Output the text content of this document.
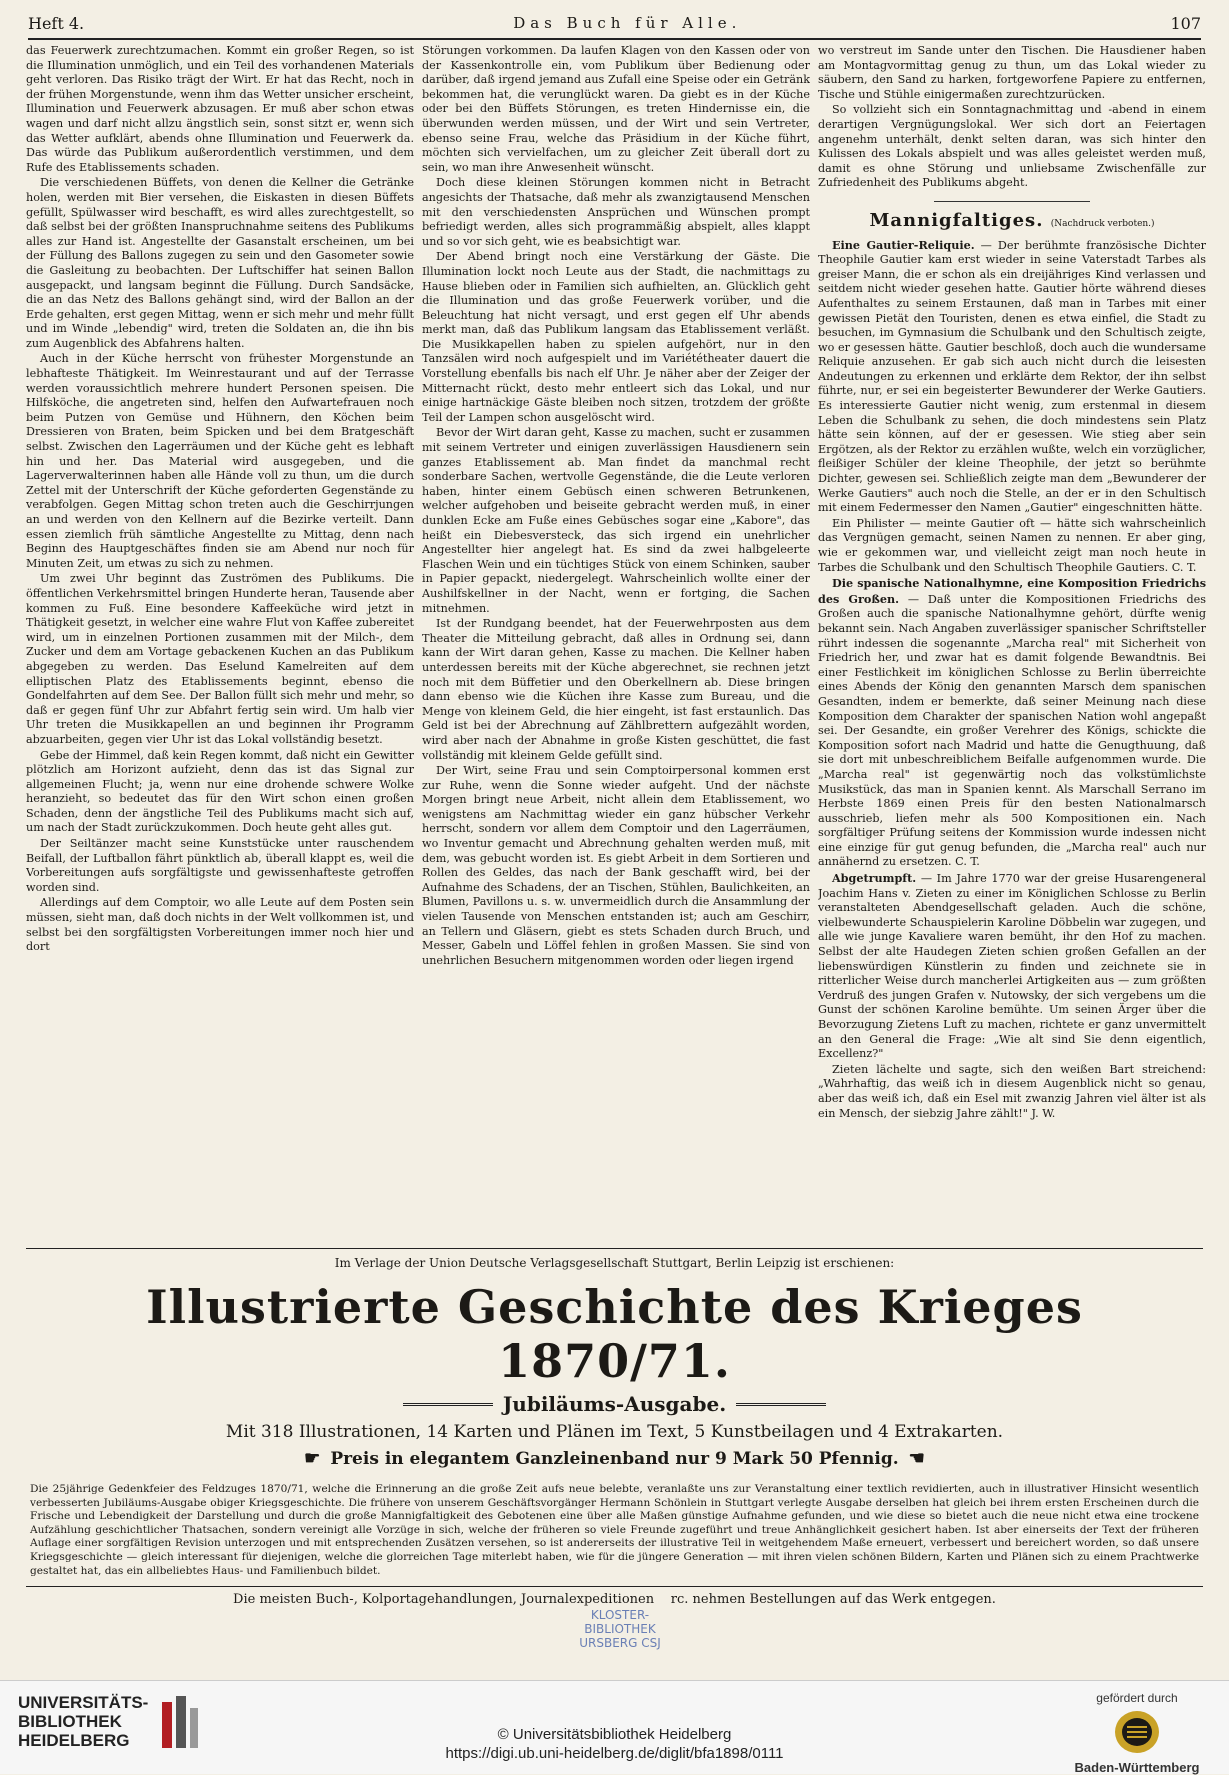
Heft 4.	Das Buch für Alle.	107

das Feuerwerk zurechtzumachen. Kommt ein großer Regen, so ist die Illumination unmöglich, und ein Teil des vorhandenen Materials geht verloren. Das Risiko trägt der Wirt. Er hat das Recht, noch in der frühen Morgenstunde, wenn ihm das Wetter unsicher erscheint, Illumination und Feuerwerk abzusagen. Er muß aber schon etwas wagen und darf nicht allzu ängstlich sein, sonst sitzt er, wenn sich das Wetter aufklärt, abends ohne Illumination und Feuerwerk da. Das würde das Publikum außerordentlich verstimmen, und dem Rufe des Etablissements schaden.

Die verschiedenen Büffets, von denen die Kellner die Getränke holen, werden mit Bier versehen, die Eiskasten in diesen Büffets gefüllt, Spülwasser wird beschafft, es wird alles zurechtgestellt, so daß selbst bei der größten Inanspruchnahme seitens des Publikums alles zur Hand ist. Angestellte der Gasanstalt erscheinen, um bei der Füllung des Ballons zugegen zu sein und den Gasometer sowie die Gasleitung zu beobachten. Der Luftschiffer hat seinen Ballon ausgepackt, und langsam beginnt die Füllung. Durch Sandsäcke, die an das Netz des Ballons gehängt sind, wird der Ballon an der Erde gehalten, erst gegen Mittag, wenn er sich mehr und mehr füllt und im Winde „lebendig" wird, treten die Soldaten an, die ihn bis zum Augenblick des Abfahrens halten.

Auch in der Küche herrscht von frühester Morgenstunde an lebhafteste Thätigkeit. Im Weinrestaurant und auf der Terrasse werden voraussichtlich mehrere hundert Personen speisen. Die Hilfsköche, die angetreten sind, helfen den Aufwartefrauen noch beim Putzen von Gemüse und Hühnern, den Köchen beim Dressieren von Braten, beim Spicken und bei dem Bratgeschäft selbst. Zwischen den Lagerräumen und der Küche geht es lebhaft hin und her. Das Material wird ausgegeben, und die Lagerverwalterinnen haben alle Hände voll zu thun, um die durch Zettel mit der Unterschrift der Küche geforderten Gegenstände zu verabfolgen. Gegen Mittag schon treten auch die Geschirrjungen an und werden von den Kellnern auf die Bezirke verteilt. Dann essen ziemlich früh sämtliche Angestellte zu Mittag, denn nach Beginn des Hauptgeschäftes finden sie am Abend nur noch für Minuten Zeit, um etwas zu sich zu nehmen.

Um zwei Uhr beginnt das Zuströmen des Publikums. Die öffentlichen Verkehrsmittel bringen Hunderte heran, Tausende aber kommen zu Fuß. Eine besondere Kaffeeküche wird jetzt in Thätigkeit gesetzt, in welcher eine wahre Flut von Kaffee zubereitet wird, um in einzelnen Portionen zusammen mit der Milch-, dem Zucker und dem am Vortage gebackenen Kuchen an das Publikum abgegeben zu werden. Das Eselund Kamelreiten auf dem elliptischen Platz des Etablissements beginnt, ebenso die Gondelfahrten auf dem See. Der Ballon füllt sich mehr und mehr, so daß er gegen fünf Uhr zur Abfahrt fertig sein wird. Um halb vier Uhr treten die Musikkapellen an und beginnen ihr Programm abzuarbeiten, gegen vier Uhr ist das Lokal vollständig besetzt.

Gebe der Himmel, daß kein Regen kommt, daß nicht ein Gewitter plötzlich am Horizont aufzieht, denn das ist das Signal zur allgemeinen Flucht; ja, wenn nur eine drohende schwere Wolke heranzieht, so bedeutet das für den Wirt schon einen großen Schaden, denn der ängstliche Teil des Publikums macht sich auf, um nach der Stadt zurückzukommen. Doch heute geht alles gut.

Der Seiltänzer macht seine Kunststücke unter rauschendem Beifall, der Luftballon fährt pünktlich ab, überall klappt es, weil die Vorbereitungen aufs sorgfältigste und gewissenhafteste getroffen worden sind.

Allerdings auf dem Comptoir, wo alle Leute auf dem Posten sein müssen, sieht man, daß doch nichts in der Welt vollkommen ist, und selbst bei den sorgfältigsten Vorbereitungen immer noch hier und dort

Störungen vorkommen. Da laufen Klagen von den Kassen oder von der Kassenkontrolle ein, vom Publikum über Bedienung oder darüber, daß irgend jemand aus Zufall eine Speise oder ein Getränk bekommen hat, die verunglückt waren. Da giebt es in der Küche oder bei den Büffets Störungen, es treten Hindernisse ein, die überwunden werden müssen, und der Wirt und sein Vertreter, ebenso seine Frau, welche das Präsidium in der Küche führt, möchten sich vervielfachen, um zu gleicher Zeit überall dort zu sein, wo man ihre Anwesenheit wünscht.

Doch diese kleinen Störungen kommen nicht in Betracht angesichts der Thatsache, daß mehr als zwanzigtausend Menschen mit den verschiedensten Ansprüchen und Wünschen prompt befriedigt werden, alles sich programmäßig abspielt, alles klappt und so vor sich geht, wie es beabsichtigt war.

Der Abend bringt noch eine Verstärkung der Gäste. Die Illumination lockt noch Leute aus der Stadt, die nachmittags zu Hause blieben oder in Familien sich aufhielten, an. Glücklich geht die Illumination und das große Feuerwerk vorüber, und die Beleuchtung hat nicht versagt, und erst gegen elf Uhr abends merkt man, daß das Publikum langsam das Etablissement verläßt. Die Musikkapellen haben zu spielen aufgehört, nur in den Tanzsälen wird noch aufgespielt und im Variététheater dauert die Vorstellung ebenfalls bis nach elf Uhr. Je näher aber der Zeiger der Mitternacht rückt, desto mehr entleert sich das Lokal, und nur einige hartnäckige Gäste bleiben noch sitzen, trotzdem der größte Teil der Lampen schon ausgelöscht wird.

Bevor der Wirt daran geht, Kasse zu machen, sucht er zusammen mit seinem Vertreter und einigen zuverlässigen Hausdienern sein ganzes Etablissement ab. Man findet da manchmal recht sonderbare Sachen, wertvolle Gegenstände, die die Leute verloren haben, hinter einem Gebüsch einen schweren Betrunkenen, welcher aufgehoben und beiseite gebracht werden muß, in einer dunklen Ecke am Fuße eines Gebüsches sogar eine „Kabore", das heißt ein Diebesversteck, das sich irgend ein unehrlicher Angestellter hier angelegt hat. Es sind da zwei halbgeleerte Flaschen Wein und ein tüchtiges Stück von einem Schinken, sauber in Papier gepackt, niedergelegt. Wahrscheinlich wollte einer der Aushilfskellner in der Nacht, wenn er fortging, die Sachen mitnehmen.

Ist der Rundgang beendet, hat der Feuerwehrposten aus dem Theater die Mitteilung gebracht, daß alles in Ordnung sei, dann kann der Wirt daran gehen, Kasse zu machen. Die Kellner haben unterdessen bereits mit der Küche abgerechnet, sie rechnen jetzt noch mit dem Büffetier und den Oberkellnern ab. Diese bringen dann ebenso wie die Küchen ihre Kasse zum Bureau, und die Menge von kleinem Geld, die hier eingeht, ist fast erstaunlich. Das Geld ist bei der Abrechnung auf Zählbrettern aufgezählt worden, wird aber nach der Abnahme in große Kisten geschüttet, die fast vollständig mit kleinem Gelde gefüllt sind.

Der Wirt, seine Frau und sein Comptoirpersonal kommen erst zur Ruhe, wenn die Sonne wieder aufgeht. Und der nächste Morgen bringt neue Arbeit, nicht allein dem Etablissement, wo wenigstens am Nachmittag wieder ein ganz hübscher Verkehr herrscht, sondern vor allem dem Comptoir und den Lagerräumen, wo Inventur gemacht und Abrechnung gehalten werden muß, mit dem, was gebucht worden ist. Es giebt Arbeit in dem Sortieren und Rollen des Geldes, das nach der Bank geschafft wird, bei der Aufnahme des Schadens, der an Tischen, Stühlen, Baulichkeiten, an Blumen, Pavillons u. s. w. unvermeidlich durch die Ansammlung der vielen Tausende von Menschen entstanden ist; auch am Geschirr, an Tellern und Gläsern, giebt es stets Schaden durch Bruch, und Messer, Gabeln und Löffel fehlen in großen Massen. Sie sind von unehrlichen Besuchern mitgenommen worden oder liegen irgend

wo verstreut im Sande unter den Tischen. Die Hausdiener haben am Montagvormittag genug zu thun, um das Lokal wieder zu säubern, den Sand zu harken, fortgeworfene Papiere zu entfernen, Tische und Stühle einigermaßen zurechtzurücken.

So vollzieht sich ein Sonntagnachmittag und -abend in einem derartigen Vergnügungslokal. Wer sich dort an Feiertagen angenehm unterhält, denkt selten daran, was sich hinter den Kulissen des Lokals abspielt und was alles geleistet werden muß, damit es ohne Störung und unliebsame Zwischenfälle zur Zufriedenheit des Publikums abgeht.

Mannigfaltiges. (Nachdruck verboten.)

Eine Gautier-Reliquie. — Der berühmte französische Dichter Theophile Gautier kam erst wieder in seine Vaterstadt Tarbes als greiser Mann, die er schon als ein dreijähriges Kind verlassen und seitdem nicht wieder gesehen hatte. Gautier hörte während dieses Aufenthaltes zu seinem Erstaunen, daß man in Tarbes mit einer gewissen Pietät den Touristen, denen es etwa einfiel, die Stadt zu besuchen, im Gymnasium die Schulbank und den Schultisch zeigte, wo er gesessen hätte. Gautier beschloß, doch auch die wundersame Reliquie anzusehen. Er gab sich auch nicht durch die leisesten Andeutungen zu erkennen und erklärte dem Rektor, der ihn selbst führte, nur, er sei ein begeisterter Bewunderer der Werke Gautiers. Es interessierte Gautier nicht wenig, zum erstenmal in diesem Leben die Schulbank zu sehen, die doch mindestens sein Platz hätte sein können, auf der er gesessen. Wie stieg aber sein Ergötzen, als der Rektor zu erzählen wußte, welch ein vorzüglicher, fleißiger Schüler der kleine Theophile, der jetzt so berühmte Dichter, gewesen sei. Schließlich zeigte man dem „Bewunderer der Werke Gautiers" auch noch die Stelle, an der er in den Schultisch mit einem Federmesser den Namen „Gautier" eingeschnitten hätte.

Ein Philister — meinte Gautier oft — hätte sich wahrscheinlich das Vergnügen gemacht, seinen Namen zu nennen. Er aber ging, wie er gekommen war, und vielleicht zeigt man noch heute in Tarbes die Schulbank und den Schultisch Theophile Gautiers. C. T.

Die spanische Nationalhymne, eine Komposition Friedrichs des Großen. — Daß unter die Kompositionen Friedrichs des Großen auch die spanische Nationalhymne gehört, dürfte wenig bekannt sein. Nach Angaben zuverlässiger spanischer Schriftsteller rührt indessen die sogenannte „Marcha real" mit Sicherheit von Friedrich her, und zwar hat es damit folgende Bewandtnis. Bei einer Festlichkeit im königlichen Schlosse zu Berlin überreichte eines Abends der König den genannten Marsch dem spanischen Gesandten, indem er bemerkte, daß seiner Meinung nach diese Komposition dem Charakter der spanischen Nation wohl angepaßt sei. Der Gesandte, ein großer Verehrer des Königs, schickte die Komposition sofort nach Madrid und hatte die Genugthuung, daß sie dort mit unbeschreiblichem Beifalle aufgenommen wurde. Die „Marcha real" ist gegenwärtig noch das volkstümlichste Musikstück, das man in Spanien kennt. Als Marschall Serrano im Herbste 1869 einen Preis für den besten Nationalmarsch ausschrieb, liefen mehr als 500 Kompositionen ein. Nach sorgfältiger Prüfung seitens der Kommission wurde indessen nicht eine einzige für gut genug befunden, die „Marcha real" auch nur annähernd zu ersetzen. C. T.

Abgetrumpft. — Im Jahre 1770 war der greise Husarengeneral Joachim Hans v. Zieten zu einer im Königlichen Schlosse zu Berlin veranstalteten Abendgesellschaft geladen. Auch die schöne, vielbewunderte Schauspielerin Karoline Döbbelin war zugegen, und alle wie junge Kavaliere waren bemüht, ihr den Hof zu machen. Selbst der alte Haudegen Zieten schien großen Gefallen an der liebenswürdigen Künstlerin zu finden und zeichnete sie in ritterlicher Weise durch mancherlei Artigkeiten aus — zum größten Verdruß des jungen Grafen v. Nutowsky, der sich vergebens um die Gunst der schönen Karoline bemühte. Um seinen Ärger über die Bevorzugung Zietens Luft zu machen, richtete er ganz unvermittelt an den General die Frage: „Wie alt sind Sie denn eigentlich, Excellenz?"

Zieten lächelte und sagte, sich den weißen Bart streichend: „Wahrhaftig, das weiß ich in diesem Augenblick nicht so genau, aber das weiß ich, daß ein Esel mit zwanzig Jahren viel älter ist als ein Mensch, der siebzig Jahre zählt!" J. W.

Im Verlage der Union Deutsche Verlagsgesellschaft Stuttgart, Berlin Leipzig ist erschienen:
Illustrierte Geschichte des Krieges 1870/71.
Jubiläums-Ausgabe.
Mit 318 Illustrationen, 14 Karten und Plänen im Text, 5 Kunstbeilagen und 4 Extrakarten.
☛ Preis in elegantem Ganzleinenband nur 9 Mark 50 Pfennig. ☚
Die 25jährige Gedenkfeier des Feldzuges 1870/71, welche die Erinnerung an die große Zeit aufs neue belebte, veranlaßte uns zur Veranstaltung einer textlich revidierten, auch in illustrativer Hinsicht wesentlich verbesserten Jubiläums-Ausgabe obiger Kriegsgeschichte. Die frühere von unserem Geschäftsvorgänger Hermann Schönlein in Stuttgart verlegte Ausgabe derselben hat gleich bei ihrem ersten Erscheinen durch die Frische und Lebendigkeit der Darstellung und durch die große Mannigfaltigkeit des Gebotenen eine über alle Maßen günstige Aufnahme gefunden, und wie diese so bietet auch die neue nicht etwa eine trockene Aufzählung geschichtlicher Thatsachen, sondern vereinigt alle Vorzüge in sich, welche der früheren so viele Freunde zugeführt und treue Anhänglichkeit gesichert haben. Ist aber einerseits der Text der früheren Auflage einer sorgfältigen Revision unterzogen und mit entsprechenden Zusätzen versehen, so ist andererseits der illustrative Teil in weitgehendem Maße erneuert, verbessert und bereichert worden, so daß unsere Kriegsgeschichte — gleich interessant für diejenigen, welche die glorreichen Tage miterlebt haben, wie für die jüngere Generation — mit ihren vielen schönen Bildern, Karten und Plänen sich zu einem Prachtwerke gestaltet hat, das ein allbeliebtes Haus- und Familienbuch bildet.
Die meisten Buch-, Kolportagehandlungen, Journalexpeditionen ㅤrc. nehmen Bestellungen auf das Werk entgegen.
KLOSTER-
BIBLIOTHEK
URSBERG CSJ
UNIVERSITÄTS-
BIBLIOTHEK
HEIDELBERG	© Universitätsbibliothek Heidelberg
https://digi.ub.uni-heidelberg.de/diglit/bfa1898/0111
gefördert durch
Baden-Württemberg
